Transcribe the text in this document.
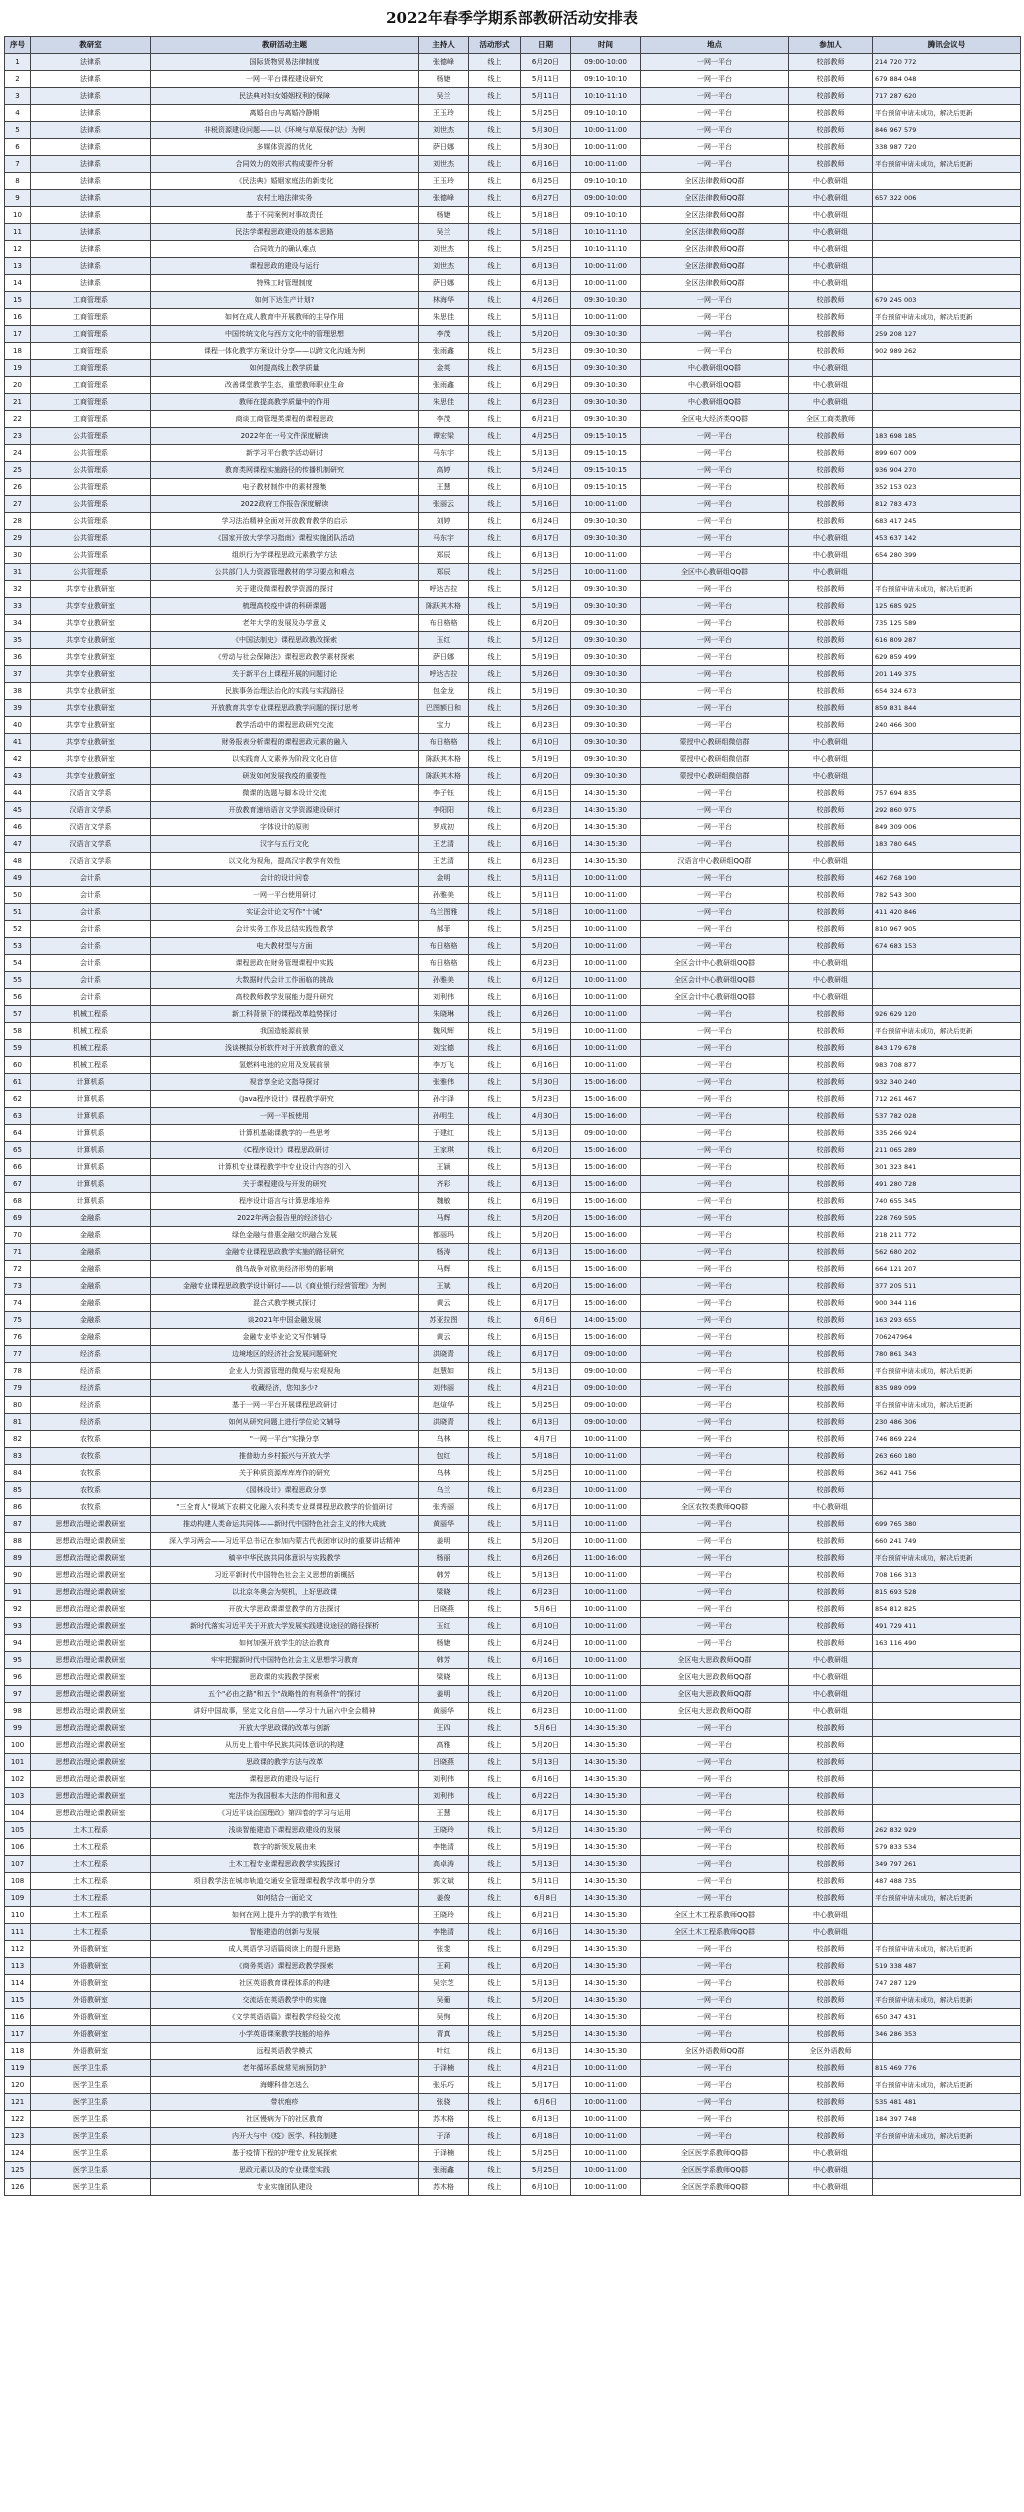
2022年春季学期系部教研活动安排表
序号	教研室	教研活动主题	主持人	活动形式	日期	时间	地点	参加人	腾讯会议号
1	法律系	国际货物贸易法律制度	张德峰	线上	6月20日	09:00-10:00	一网一平台	校部教师	214 720 772
2	法律系	一网一平台课程建设研究	杨婕	线上	5月11日	09:10-10:10	一网一平台	校部教师	679 884 048
3	法律系	民法典对妇女婚姻权利的保障	吴兰	线上	5月11日	10:10-11:10	一网一平台	校部教师	717 287 620
4	法律系	离婚自由与离婚冷静期	王玉玲	线上	5月25日	09:10-10:10	一网一平台	校部教师	平台预留申请未成功，解决后更新
5	法律系	非税资源建设问题——以《环境与草原保护法》为例	刘世杰	线上	5月30日	10:00-11:00	一网一平台	校部教师	846 967 579
6	法律系	多媒体资源的优化	萨日娜	线上	5月30日	10:00-11:00	一网一平台	校部教师	338 987 720
7	法律系	合同效力的效形式构成要件分析	刘世杰	线上	6月16日	10:00-11:00	一网一平台	校部教师	平台预留申请未成功，解决后更新
8	法律系	《民法典》婚姻家庭法的新变化	王玉玲	线上	6月25日	09:10-10:10	全区法律教师QQ群	中心教研组	
9	法律系	农村土地法律实务	张德峰	线上	6月27日	09:00-10:00	全区法律教师QQ群	中心教研组	657 322 006
10	法律系	基于不同案例对事故责任	杨婕	线上	5月18日	09:10-10:10	全区法律教师QQ群	中心教研组	
11	法律系	民法学课程思政建设的基本思路	吴兰	线上	5月18日	10:10-11:10	全区法律教师QQ群	中心教研组	
12	法律系	合同效力的确认难点	刘世杰	线上	5月25日	10:10-11:10	全区法律教师QQ群	中心教研组	
13	法律系	课程思政的建设与运行	刘世杰	线上	6月13日	10:00-11:00	全区法律教师QQ群	中心教研组	
14	法律系	特殊工时管理制度	萨日娜	线上	6月13日	10:00-11:00	全区法律教师QQ群	中心教研组	
15	工商管理系	如何下达生产计划?	林海华	线上	4月26日	09:30-10:30	一网一平台	校部教师	679 245 003
16	工商管理系	如何在成人教育中开展教师的主导作用	朱思佳	线上	5月11日	10:00-11:00	一网一平台	校部教师	平台预留申请未成功，解决后更新
17	工商管理系	中国传统文化与西方文化中的管理思想	李茂	线上	5月20日	09:30-10:30	一网一平台	校部教师	259 208 127
18	工商管理系	课程一体化教学方案设计分享——以跨文化沟通为例	张雨鑫	线上	5月23日	09:30-10:30	一网一平台	校部教师	902 989 262
19	工商管理系	如何提高线上教学质量	金英	线上	6月15日	09:30-10:30	中心教研组QQ群	中心教研组	
20	工商管理系	改善课堂教学生态，重塑教师职业生命	张雨鑫	线上	6月29日	09:30-10:30	中心教研组QQ群	中心教研组	
21	工商管理系	教师在提高教学质量中的作用	朱思佳	线上	6月23日	09:30-10:30	中心教研组QQ群	中心教研组	
22	工商管理系	商谈工商管理类课程的课程思政	李茂	线上	6月21日	09:30-10:30	全区电大经济类QQ群	全区工商类教师	
23	公共管理系	2022年在一号文件深度解读	谭宏梁	线上	4月25日	09:15-10:15	一网一平台	校部教师	183 698 185
24	公共管理系	新学习平台教学活动研讨	马东宇	线上	5月13日	09:15-10:15	一网一平台	校部教师	899 607 009
25	公共管理系	教育类网课程实施路径的传播机制研究	高婷	线上	5月24日	09:15-10:15	一网一平台	校部教师	936 904 270
26	公共管理系	电子教材制作中的素材搜集	王慧	线上	6月10日	09:15-10:15	一网一平台	校部教师	352 153 023
27	公共管理系	2022政府工作报告深度解读	张丽云	线上	5月16日	10:00-11:00	一网一平台	校部教师	812 783 473
28	公共管理系	学习法治精神全面对开放教育教学的启示	刘婷	线上	6月24日	09:30-10:30	一网一平台	校部教师	683 417 245
29	公共管理系	《国家开放大学学习指南》课程实施团队活动	马东宇	线上	6月17日	09:30-10:30	一网一平台	中心教研组	453 637 142
30	公共管理系	组织行为学课程思政元素教学方法	郑辰	线上	6月13日	10:00-11:00	一网一平台	中心教研组	654 280 399
31	公共管理系	公共部门人力资源管理教材的学习要点和难点	郑辰	线上	5月25日	10:00-11:00	全区中心教研组QQ群	中心教研组	
32	共享专业教研室	关于建设微课程教学资源的探讨	呼达古拉	线上	5月12日	09:30-10:30	一网一平台	校部教师	平台预留申请未成功，解决后更新
33	共享专业教研室	梳理高校疫中讲的科研课题	陈跃其木格	线上	5月19日	09:30-10:30	一网一平台	校部教师	125 685 925
34	共享专业教研室	老年大学的发展及办学意义	布日格格	线上	6月20日	09:30-10:30	一网一平台	校部教师	735 125 589
35	共享专业教研室	《中国法制史》课程思政教改探索	玉红	线上	5月12日	09:30-10:30	一网一平台	校部教师	616 809 287
36	共享专业教研室	《劳动与社会保障法》课程思政教学素材探索	萨日娜	线上	5月19日	09:30-10:30	一网一平台	校部教师	629 859 499
37	共享专业教研室	关于新平台上课程开展的问题讨论	呼达古拉	线上	5月26日	09:30-10:30	一网一平台	校部教师	201 149 375
38	共享专业教研室	民族事务治理法治化的实践与实践路径	包金龙	线上	5月19日	09:30-10:30	一网一平台	校部教师	654 324 673
39	共享专业教研室	开放教育共享专业课程思政教学问题的探讨思考	巴图额日和	线上	5月26日	09:30-10:30	一网一平台	校部教师	859 831 844
40	共享专业教研室	教学活动中的课程思政研究交流	宝力	线上	6月23日	09:30-10:30	一网一平台	校部教师	240 466 300
41	共享专业教研室	财务报表分析课程的课程思政元素的融入	布日格格	线上	6月10日	09:30-10:30	蒙授中心教研组微信群	中心教研组	
42	共享专业教研室	以实践育人文素养为阶段文化自信	陈跃其木格	线上	5月19日	09:30-10:30	蒙授中心教研组微信群	中心教研组	
43	共享专业教研室	研发如何发展我疫的重要性	陈跃其木格	线上	6月20日	09:30-10:30	蒙授中心教研组微信群	中心教研组	
44	汉语言文学系	微课的选题与脚本设计交流	李子钰	线上	6月15日	14:30-15:30	一网一平台	校部教师	757 694 835
45	汉语言文学系	开放教育速培语言文学资源建设研讨	李阳阳	线上	6月23日	14:30-15:30	一网一平台	校部教师	292 860 975
46	汉语言文学系	字体设计的原则	罗成初	线上	6月20日	14:30-15:30	一网一平台	校部教师	849 309 006
47	汉语言文学系	汉字与五行文化	王艺清	线上	6月16日	14:30-15:30	一网一平台	校部教师	183 780 645
48	汉语言文学系	以文化为视角，提高汉字教学有效性	王艺清	线上	6月23日	14:30-15:30	汉语言中心教研组QQ群	中心教研组	
49	会计系	会计的设计问卷	金明	线上	5月11日	10:00-11:00	一网一平台	校部教师	462 768 190
50	会计系	一网一平台使用研讨	孙雅美	线上	5月11日	10:00-11:00	一网一平台	校部教师	782 543 300
51	会计系	实证会计论文写作"十诫"	乌兰图雅	线上	5月18日	10:00-11:00	一网一平台	校部教师	411 420 846
52	会计系	会计实务工作及总结实践性教学	郝菲	线上	5月25日	10:00-11:00	一网一平台	校部教师	810 967 905
53	会计系	电大教材型与方面	布日格格	线上	5月20日	10:00-11:00	一网一平台	校部教师	674 683 153
54	会计系	课程思政在财务管理课程中实践	布日格格	线上	6月23日	10:00-11:00	全区会计中心教研组QQ群	中心教研组	
55	会计系	大数据时代会计工作面临的挑战	孙雅美	线上	6月12日	10:00-11:00	全区会计中心教研组QQ群	中心教研组	
56	会计系	高校教师教学发展能力提升研究	刘利伟	线上	6月16日	10:00-11:00	全区会计中心教研组QQ群	中心教研组	
57	机械工程系	新工科背景下的课程改革趋势探讨	朱晓琳	线上	6月26日	10:00-11:00	一网一平台	校部教师	926 629 120
58	机械工程系	我国造能源前景	魏风辉	线上	5月19日	10:00-11:00	一网一平台	校部教师	平台预留申请未成功，解决后更新
59	机械工程系	浅谈模拟分析软件对于开放教育的意义	刘宝德	线上	6月16日	10:00-11:00	一网一平台	校部教师	843 179 678
60	机械工程系	氢燃料电池的应用及发展前景	李万飞	线上	6月16日	10:00-11:00	一网一平台	校部教师	983 708 877
61	计算机系	视音享全论文指导探讨	张雅伟	线上	5月30日	15:00-16:00	一网一平台	校部教师	932 340 240
62	计算机系	《Java程序设计》课程教学研究	孙宇泽	线上	5月23日	15:00-16:00	一网一平台	校部教师	712 261 467
63	计算机系	一网一平板使用	孙明生	线上	4月30日	15:00-16:00	一网一平台	校部教师	537 782 028
64	计算机系	计算机基础课教学的一些思考	于建红	线上	5月13日	09:00-10:00	一网一平台	校部教师	335 266 924
65	计算机系	《C程序设计》课程思政研讨	王家琪	线上	6月20日	15:00-16:00	一网一平台	校部教师	211 065 289
66	计算机系	计算机专业课程教学中专业设计内容的引入	王颖	线上	5月13日	15:00-16:00	一网一平台	校部教师	301 323 841
67	计算机系	关于课程建设与开发的研究	齐彩	线上	6月13日	15:00-16:00	一网一平台	校部教师	491 280 728
68	计算机系	程序设计语言与计算思维培养	魏敏	线上	6月19日	15:00-16:00	一网一平台	校部教师	740 655 345
69	金融系	2022年两会报告里的经济信心	马辉	线上	5月20日	15:00-16:00	一网一平台	校部教师	228 769 595
70	金融系	绿色金融与普惠金融交织融合发展	都丽玛	线上	5月20日	15:00-16:00	一网一平台	校部教师	218 211 772
71	金融系	金融专业课程思政教学实施的路径研究	杨涛	线上	6月13日	15:00-16:00	一网一平台	校部教师	562 680 202
72	金融系	俄乌战争对欧美经济形势的影响	马辉	线上	6月15日	15:00-16:00	一网一平台	校部教师	664 121 207
73	金融系	金融专业课程思政教学设计研讨——以《商业银行经营管理》为例	王斌	线上	6月20日	15:00-16:00	一网一平台	校部教师	377 205 511
74	金融系	混合式教学模式探讨	黄云	线上	6月17日	15:00-16:00	一网一平台	校部教师	900 344 116
75	金融系	谈2021年中国金融发展	苏亚拉图	线上	6月6日	14:00-15:00	一网一平台	校部教师	163 293 655
76	金融系	金融专业毕业论文写作辅导	黄云	线上	6月15日	15:00-16:00	一网一平台	校部教师	706247964
77	经济系	边境地区的经济社会发展问题研究	洪晓青	线上	6月17日	09:00-10:00	一网一平台	校部教师	780 861 343
78	经济系	企业人力资源管理的微观与宏观视角	赵慧如	线上	5月13日	09:00-10:00	一网一平台	校部教师	平台预留申请未成功，解决后更新
79	经济系	收藏经济，您知多少?	刘伟丽	线上	4月21日	09:00-10:00	一网一平台	校部教师	835 989 099
80	经济系	基于一网一平台开展课程思政研讨	赵煊华	线上	5月25日	09:00-10:00	一网一平台	校部教师	平台预留申请未成功，解决后更新
81	经济系	如何从研究问题上进行学位论文辅导	洪晓青	线上	6月13日	09:00-10:00	一网一平台	校部教师	230 486 306
82	农牧系	"一网一平台"实操分享	乌林	线上	4月7日	10:00-11:00	一网一平台	校部教师	746 869 224
83	农牧系	推普助力乡村振兴与开放大学	包红	线上	5月18日	10:00-11:00	一网一平台	校部教师	263 660 180
84	农牧系	关于种质资源库库库作的研究	乌林	线上	5月25日	10:00-11:00	一网一平台	校部教师	362 441 756
85	农牧系	《园林设计》课程思政分享	乌兰	线上	6月23日	10:00-11:00	一网一平台	校部教师	
86	农牧系	"三全育人"视域下农耕文化融入农科类专业课课程思政教学的价值研讨	张秀丽	线上	6月17日	10:00-11:00	全区农牧类教师QQ群	中心教研组	
87	思想政治理论课教研室	推动构建人类命运共同体——新时代中国特色社会主义的伟大成就	黄丽华	线上	5月11日	10:00-11:00	一网一平台	校部教师	699 765 380
88	思想政治理论课教研室	深入学习两会——习近平总书记在参加内蒙古代表团审议时的重要讲话精神	姜明	线上	5月20日	10:00-11:00	一网一平台	校部教师	660 241 749
89	思想政治理论课教研室	稿辛中华民族共同体意识与实践教学	杨丽	线上	6月26日	11:00-16:00	一网一平台	校部教师	平台预留申请未成功，解决后更新
90	思想政治理论课教研室	习近平新时代中国特色社会主义思想的新概括	韩芳	线上	5月13日	10:00-11:00	一网一平台	校部教师	708 166 313
91	思想政治理论课教研室	以北京冬奥会为契机，上好思政课	梁晓	线上	6月23日	10:00-11:00	一网一平台	校部教师	815 693 528
92	思想政治理论课教研室	开放大学思政课课堂教学的方法探讨	吕晓燕	线上	5月6日	10:00-11:00	一网一平台	校部教师	854 812 825
93	思想政治理论课教研室	新时代落实习近平关于开放大学发展实践建设途径的路径探析	玉红	线上	6月10日	10:00-11:00	一网一平台	校部教师	491 729 411
94	思想政治理论课教研室	如何加强开放学生的法治教育	杨婕	线上	6月24日	10:00-11:00	一网一平台	校部教师	163 116 490
95	思想政治理论课教研室	牢牢把握新时代中国特色社会主义思想学习教育	韩芳	线上	6月16日	10:00-11:00	全区电大思政教师QQ群	中心教研组	
96	思想政治理论课教研室	思政课的实践教学探索	梁晓	线上	6月13日	10:00-11:00	全区电大思政教师QQ群	中心教研组	
97	思想政治理论课教研室	五个"必由之路"和五个"战略性的有利条件"的探讨	姜明	线上	6月20日	10:00-11:00	全区电大思政教师QQ群	中心教研组	
98	思想政治理论课教研室	讲好中国故事，坚定文化自信——学习十九届六中全会精神	黄丽华	线上	6月23日	10:00-11:00	全区电大思政教师QQ群	中心教研组	
99	思想政治理论课教研室	开放大学思政课的改革与创新	王四	线上	5月6日	14:30-15:30	一网一平台	校部教师	
100	思想政治理论课教研室	从历史上看中华民族共同体意识的构建	高雅	线上	5月20日	14:30-15:30	一网一平台	校部教师	
101	思想政治理论课教研室	思政课的教学方法与改革	吕晓燕	线上	5月13日	14:30-15:30	一网一平台	校部教师	
102	思想政治理论课教研室	课程思政的建设与运行	刘利伟	线上	6月16日	14:30-15:30	一网一平台	校部教师	
103	思想政治理论课教研室	宪法作为我国根本大法的作用和意义	刘利伟	线上	6月22日	14:30-15:30	一网一平台	校部教师	
104	思想政治理论课教研室	《习近平谈治国理政》第四卷的学习与运用	王慧	线上	6月17日	14:30-15:30	一网一平台	校部教师	
105	土木工程系	浅谈智能建造下课程思政建设的发展	王晓玲	线上	5月12日	14:30-15:30	一网一平台	校部教师	262 832 929
106	土木工程系	数字的新领发展由来	李艳清	线上	5月19日	14:30-15:30	一网一平台	校部教师	579 833 534
107	土木工程系	土木工程专业课程思政教学实践探讨	高卓涛	线上	5月13日	14:30-15:30	一网一平台	校部教师	349 797 261
108	土木工程系	项目教学法在城市轨道交通安全管理课程教学改革中的分享	郭文斌	线上	5月11日	14:30-15:30	一网一平台	校部教师	487 488 735
109	土木工程系	如何结合一面论文	姜俊	线上	6月8日	14:30-15:30	一网一平台	校部教师	平台预留申请未成功，解决后更新
110	土木工程系	如何在网上提升力学的教学有效性	王晓玲	线上	6月21日	14:30-15:30	全区土木工程系教师QQ群	中心教研组	
111	土木工程系	智能建造的创新与发展	李艳清	线上	6月16日	14:30-15:30	全区土木工程系教师QQ群	中心教研组	
112	外语教研室	成人英语学习语篇阅读上的提升思路	张斐	线上	6月29日	14:30-15:30	一网一平台	校部教师	平台预留申请未成功，解决后更新
113	外语教研室	《商务英语》课程思政教学探索	王莉	线上	6月20日	14:30-15:30	一网一平台	校部教师	519 338 487
114	外语教研室	社区英语教育课程体系的构建	吴宗芝	线上	5月13日	14:30-15:30	一网一平台	校部教师	747 287 129
115	外语教研室	交流话在英语教学中的实施	吴葡	线上	5月20日	14:30-15:30	一网一平台	校部教师	平台预留申请未成功，解决后更新
116	外语教研室	《文学英语语篇》课程教学经验交流	吴恂	线上	6月20日	14:30-15:30	一网一平台	校部教师	650 347 431
117	外语教研室	小学英语课案教学技能的培养	青真	线上	5月25日	14:30-15:30	一网一平台	校部教师	346 286 353
118	外语教研室	远程英语教学模式	叶红	线上	6月13日	14:30-15:30	全区外语教师QQ群	全区外语教师	
119	医学卫生系	老年循环系统常见病预防护	于泽楠	线上	4月21日	10:00-11:00	一网一平台	校部教师	815 469 776
120	医学卫生系	海螺科普怎选么	张乐巧	线上	5月17日	10:00-11:00	一网一平台	校部教师	平台预留申请未成功，解决后更新
121	医学卫生系	带状疱疹	张骁	线上	6月6日	10:00-11:00	一网一平台	校部教师	535 481 481
122	医学卫生系	社区慢病为下的社区教育	苏木格	线上	6月13日	10:00-11:00	一网一平台	校部教师	184 397 748
123	医学卫生系	内开大与中《疫》医学、科技制建	于泽	线上	6月18日	10:00-11:00	一网一平台	校部教师	平台预留申请未成功，解决后更新
124	医学卫生系	基于疫情下程的护理专业发展探索	于泽楠	线上	5月25日	10:00-11:00	全区医学系教师QQ群	中心教研组	
125	医学卫生系	思政元素以及的专业课堂实践	张雨鑫	线上	5月25日	10:00-11:00	全区医学系教师QQ群	中心教研组	
126	医学卫生系	专业实施团队建设	苏木格	线上	6月10日	10:00-11:00	全区医学系教师QQ群	中心教研组	
